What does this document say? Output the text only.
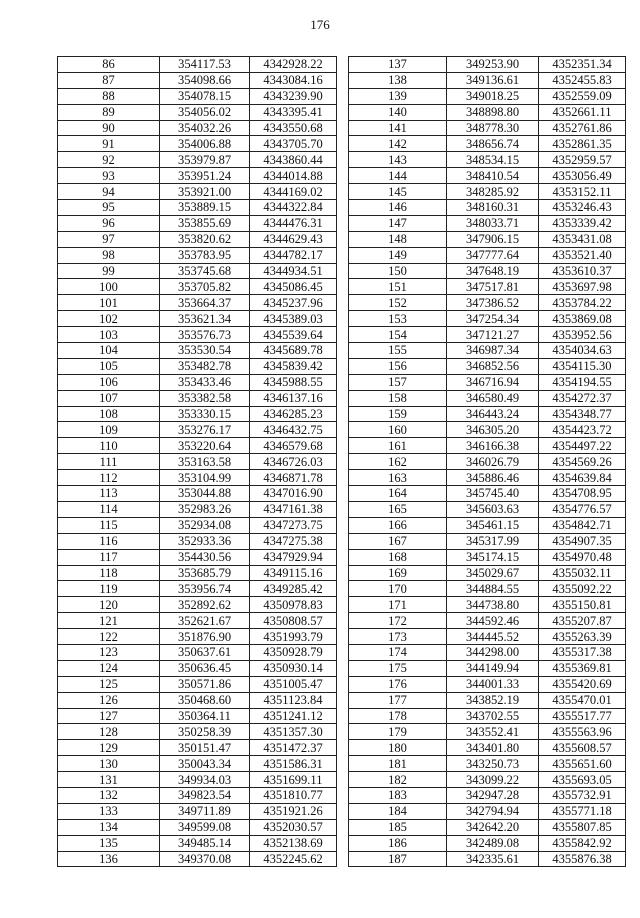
176
86	354117.53	4342928.22
87	354098.66	4343084.16
88	354078.15	4343239.90
89	354056.02	4343395.41
90	354032.26	4343550.68
91	354006.88	4343705.70
92	353979.87	4343860.44
93	353951.24	4344014.88
94	353921.00	4344169.02
95	353889.15	4344322.84
96	353855.69	4344476.31
97	353820.62	4344629.43
98	353783.95	4344782.17
99	353745.68	4344934.51
100	353705.82	4345086.45
101	353664.37	4345237.96
102	353621.34	4345389.03
103	353576.73	4345539.64
104	353530.54	4345689.78
105	353482.78	4345839.42
106	353433.46	4345988.55
107	353382.58	4346137.16
108	353330.15	4346285.23
109	353276.17	4346432.75
110	353220.64	4346579.68
111	353163.58	4346726.03
112	353104.99	4346871.78
113	353044.88	4347016.90
114	352983.26	4347161.38
115	352934.08	4347273.75
116	352933.36	4347275.38
117	354430.56	4347929.94
118	353685.79	4349115.16
119	353956.74	4349285.42
120	352892.62	4350978.83
121	352621.67	4350808.57
122	351876.90	4351993.79
123	350637.61	4350928.79
124	350636.45	4350930.14
125	350571.86	4351005.47
126	350468.60	4351123.84
127	350364.11	4351241.12
128	350258.39	4351357.30
129	350151.47	4351472.37
130	350043.34	4351586.31
131	349934.03	4351699.11
132	349823.54	4351810.77
133	349711.89	4351921.26
134	349599.08	4352030.57
135	349485.14	4352138.69
136	349370.08	4352245.62
137	349253.90	4352351.34
138	349136.61	4352455.83
139	349018.25	4352559.09
140	348898.80	4352661.11
141	348778.30	4352761.86
142	348656.74	4352861.35
143	348534.15	4352959.57
144	348410.54	4353056.49
145	348285.92	4353152.11
146	348160.31	4353246.43
147	348033.71	4353339.42
148	347906.15	4353431.08
149	347777.64	4353521.40
150	347648.19	4353610.37
151	347517.81	4353697.98
152	347386.52	4353784.22
153	347254.34	4353869.08
154	347121.27	4353952.56
155	346987.34	4354034.63
156	346852.56	4354115.30
157	346716.94	4354194.55
158	346580.49	4354272.37
159	346443.24	4354348.77
160	346305.20	4354423.72
161	346166.38	4354497.22
162	346026.79	4354569.26
163	345886.46	4354639.84
164	345745.40	4354708.95
165	345603.63	4354776.57
166	345461.15	4354842.71
167	345317.99	4354907.35
168	345174.15	4354970.48
169	345029.67	4355032.11
170	344884.55	4355092.22
171	344738.80	4355150.81
172	344592.46	4355207.87
173	344445.52	4355263.39
174	344298.00	4355317.38
175	344149.94	4355369.81
176	344001.33	4355420.69
177	343852.19	4355470.01
178	343702.55	4355517.77
179	343552.41	4355563.96
180	343401.80	4355608.57
181	343250.73	4355651.60
182	343099.22	4355693.05
183	342947.28	4355732.91
184	342794.94	4355771.18
185	342642.20	4355807.85
186	342489.08	4355842.92
187	342335.61	4355876.38
